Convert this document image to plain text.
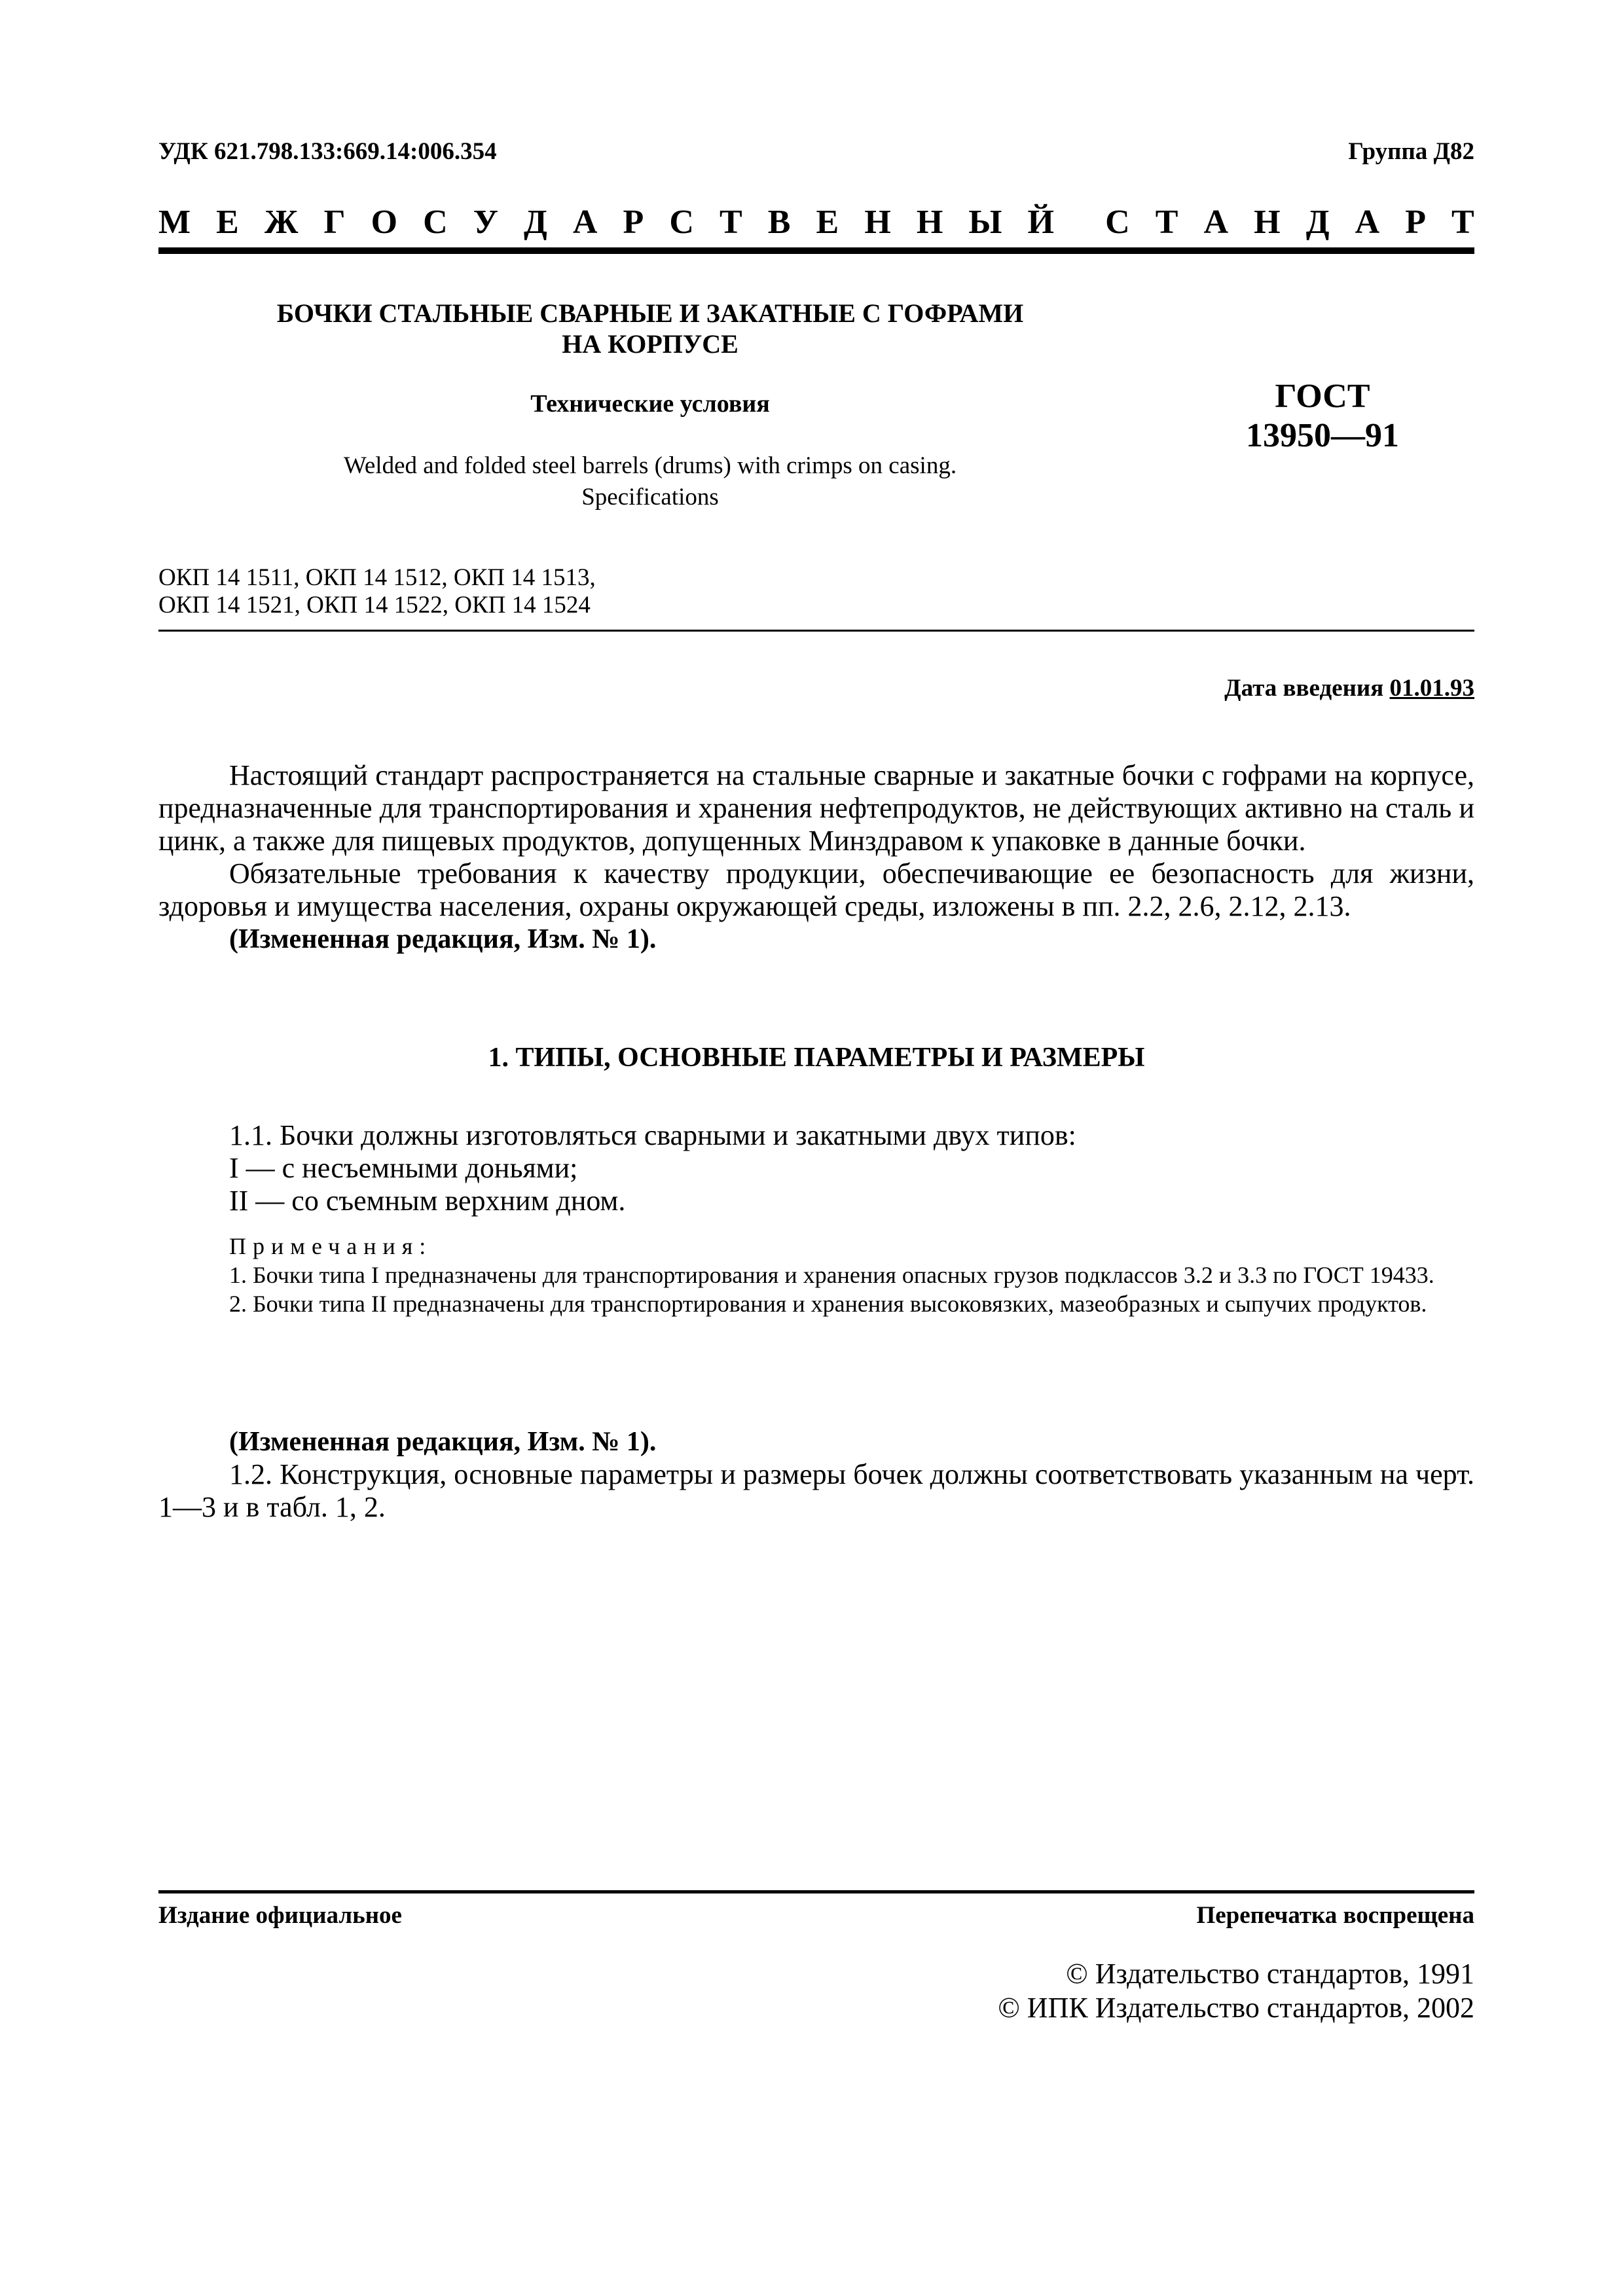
УДК 621.798.133:669.14:006.354	Группа Д82
М Е Ж Г О С У Д А Р С Т В Е Н Н Ы Й С Т А Н Д А Р Т
БОЧКИ СТАЛЬНЫЕ СВАРНЫЕ И ЗАКАТНЫЕ С ГОФРАМИ
НА КОРПУСЕ
Технические условия
Welded and folded steel barrels (drums) with crimps on casing.
Specifications
ГОСТ
13950—91
ОКП 14 1511, ОКП 14 1512, ОКП 14 1513,
ОКП 14 1521, ОКП 14 1522, ОКП 14 1524
Дата введения 01.01.93

Настоящий стандарт распространяется на стальные сварные и закатные бочки с гофрами на корпусе, предназначенные для транспортирования и хранения нефтепродуктов, не действующих активно на сталь и цинк, а также для пищевых продуктов, допущенных Минздравом к упаковке в данные бочки.

Обязательные требования к качеству продукции, обеспечивающие ее безопасность для жизни, здоровья и имущества населения, охраны окружающей среды, изложены в пп. 2.2, 2.6, 2.12, 2.13.

(Измененная редакция, Изм. № 1).

1. ТИПЫ, ОСНОВНЫЕ ПАРАМЕТРЫ И РАЗМЕРЫ

1.1. Бочки должны изготовляться сварными и закатными двух типов:

I — с несъемными доньями;

II — со съемным верхним дном.

Примечания:

1. Бочки типа I предназначены для транспортирования и хранения опасных грузов подклассов 3.2 и 3.3 по ГОСТ 19433.

2. Бочки типа II предназначены для транспортирования и хранения высоковязких, мазеобразных и сыпучих продуктов.

(Измененная редакция, Изм. № 1).

1.2. Конструкция, основные параметры и размеры бочек должны соответствовать указанным на черт. 1—3 и в табл. 1, 2.

Издание официальное	Перепечатка воспрещена
© Издательство стандартов, 1991
© ИПК Издательство стандартов, 2002
